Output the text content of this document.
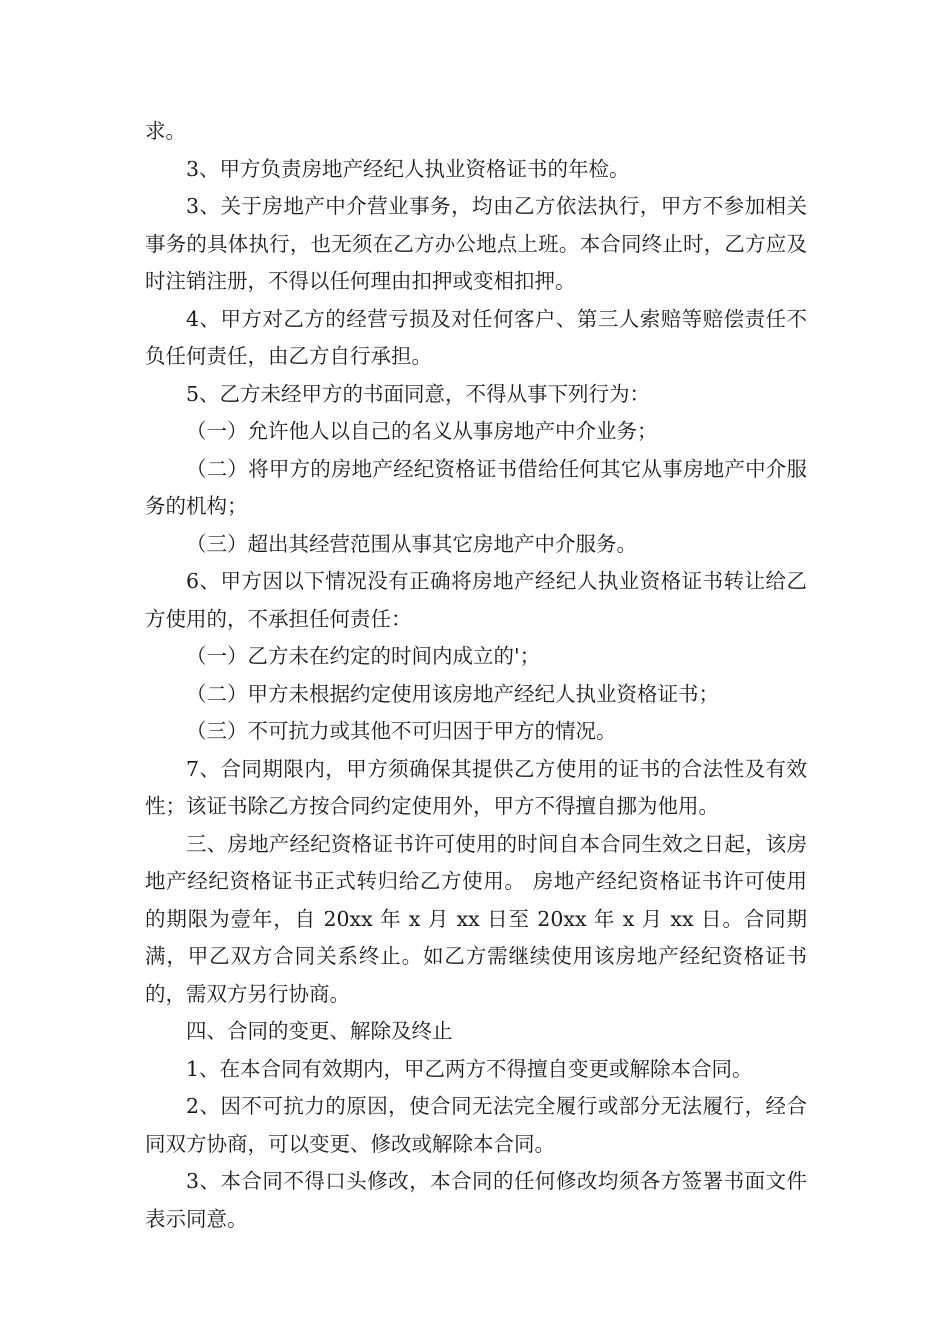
求。

3、甲方负责房地产经纪人执业资格证书的年检。

3、关于房地产中介营业事务，均由乙方依法执行，甲方不参加相关事务的具体执行，也无须在乙方办公地点上班。本合同终止时，乙方应及时注销注册，不得以任何理由扣押或变相扣押。

4、甲方对乙方的经营亏损及对任何客户、第三人索赔等赔偿责任不负任何责任，由乙方自行承担。

5、乙方未经甲方的书面同意，不得从事下列行为：

（一）允许他人以自己的名义从事房地产中介业务；

（二）将甲方的房地产经纪资格证书借给任何其它从事房地产中介服务的机构；

（三）超出其经营范围从事其它房地产中介服务。

6、甲方因以下情况没有正确将房地产经纪人执业资格证书转让给乙方使用的，不承担任何责任：

（一）乙方未在约定的时间内成立的'；

（二）甲方未根据约定使用该房地产经纪人执业资格证书；

（三）不可抗力或其他不可归因于甲方的情况。

7、合同期限内，甲方须确保其提供乙方使用的证书的合法性及有效性；该证书除乙方按合同约定使用外，甲方不得擅自挪为他用。

三、房地产经纪资格证书许可使用的时间自本合同生效之日起，该房地产经纪资格证书正式转归给乙方使用。 房地产经纪资格证书许可使用的期限为壹年，自 20xx 年 x 月 xx 日至 20xx 年 x 月 xx 日。合同期满，甲乙双方合同关系终止。如乙方需继续使用该房地产经纪资格证书的，需双方另行协商。

四、合同的变更、解除及终止

1、在本合同有效期内，甲乙两方不得擅自变更或解除本合同。

2、因不可抗力的原因，使合同无法完全履行或部分无法履行，经合同双方协商，可以变更、修改或解除本合同。

3、本合同不得口头修改，本合同的任何修改均须各方签署书面文件表示同意。
